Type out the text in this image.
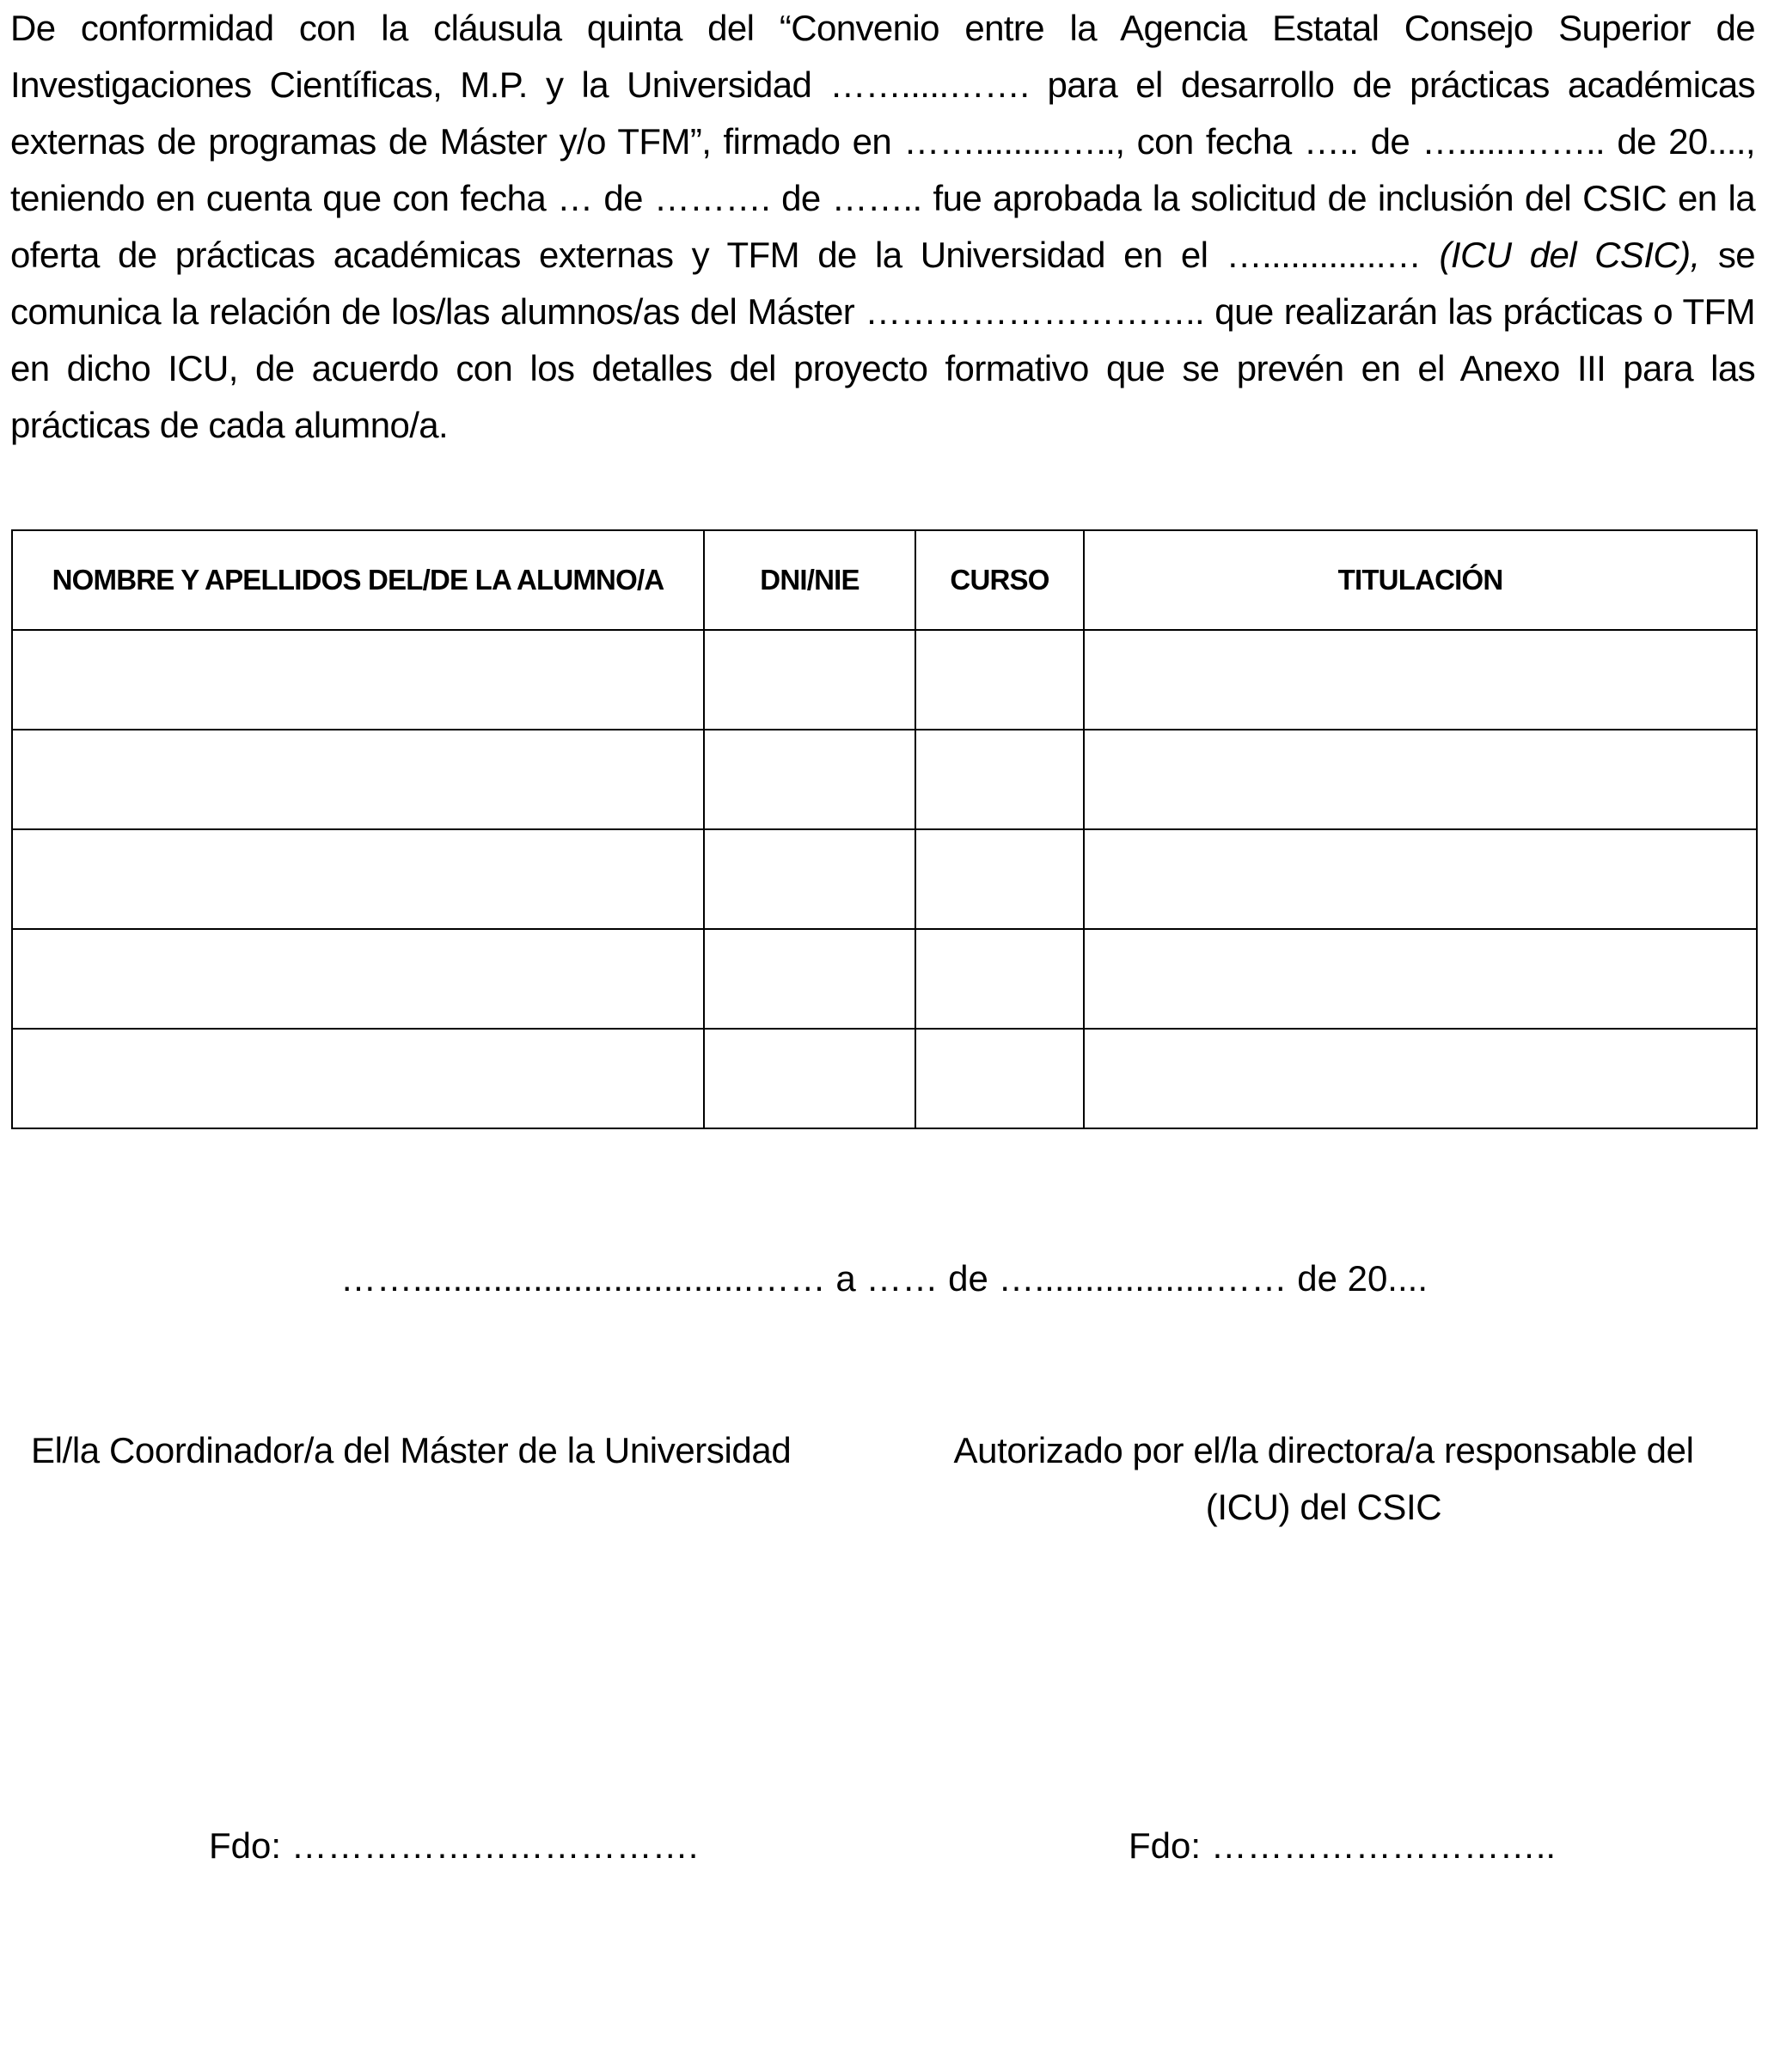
De conformidad con la cláusula quinta del “Convenio entre la Agencia Estatal Consejo Superior de Investigaciones Científicas, M.P. y la Universidad …….....……. para el desarrollo de prácticas académicas externas de programas de Máster y/o TFM”, firmado en …….........….., con fecha ….. de …......…….. de 20...., teniendo en cuenta que con fecha … de ………. de …….. fue aprobada la solicitud de inclusión del CSIC en la oferta de prácticas académicas externas y TFM de la Universidad en el ….............… (ICU del CSIC), se comunica la relación de los/las alumnos/as del Máster ……………………….. que realizarán las prácticas o TFM en dicho ICU, de acuerdo con los detalles del proyecto formativo que se prevén en el Anexo III para las prácticas de cada alumno/a.

NOMBRE Y APELLIDOS DEL/DE LA ALUMNO/A	DNI/NIE	CURSO	TITULACIÓN

……..................................…… a …… de …..................…… de 20....
El/la Coordinador/a del Máster de la Universidad	Autorizado por el/la directora/a responsable del (ICU) del CSIC
Fdo: …………………………….	Fdo: ………………………..
